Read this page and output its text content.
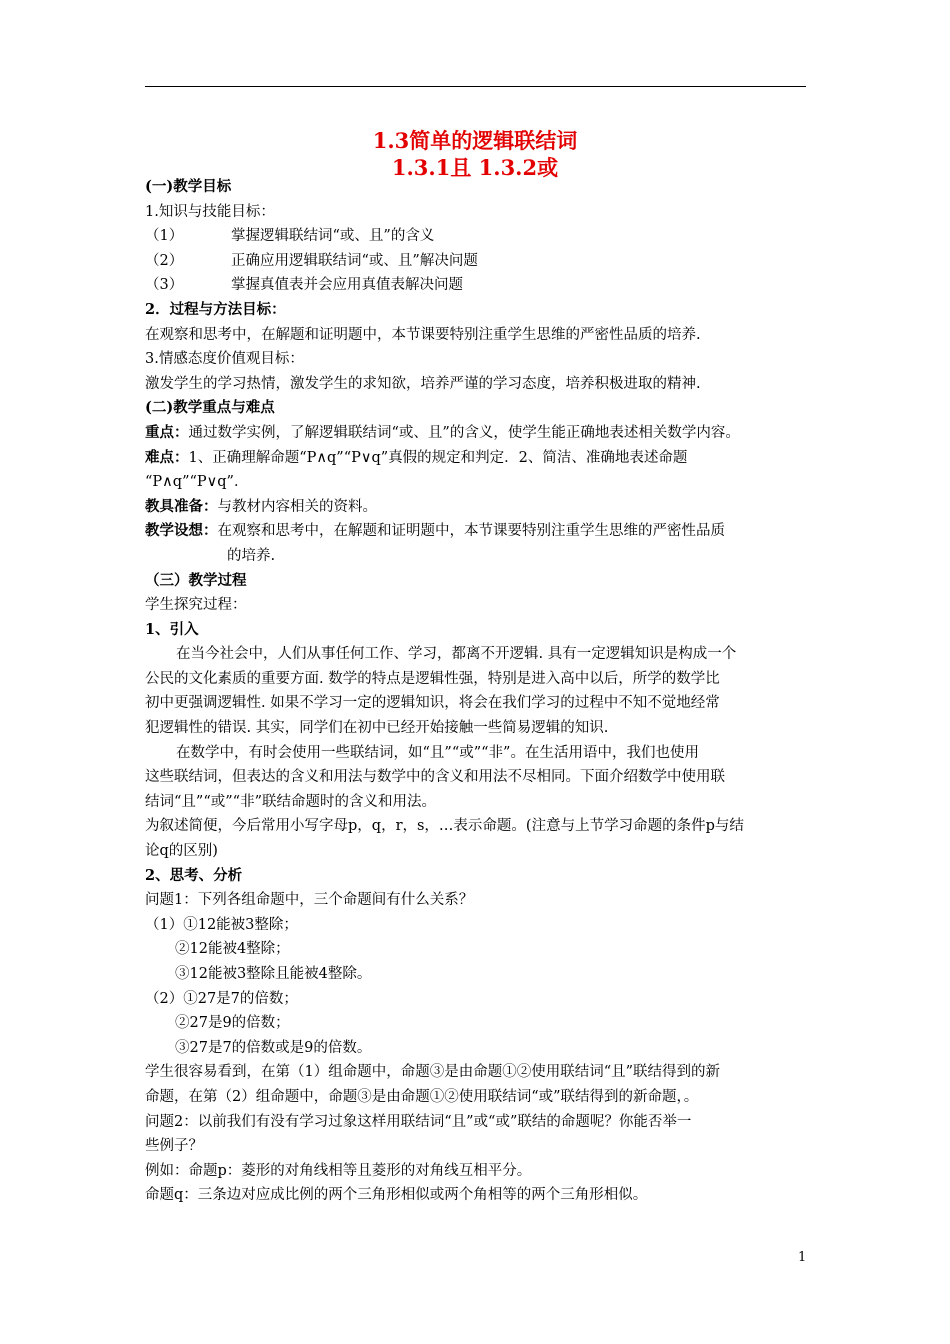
1.3简单的逻辑联结词
1.3.1且 1.3.2或
(一)教学目标
1.知识与技能目标：
（1）	掌握逻辑联结词“或、且”的含义
（2）	正确应用逻辑联结词“或、且”解决问题
（3）	掌握真值表并会应用真值表解决问题
2．过程与方法目标：
在观察和思考中，在解题和证明题中，本节课要特别注重学生思维的严密性品质的培养.
3.情感态度价值观目标：
激发学生的学习热情，激发学生的求知欲，培养严谨的学习态度，培养积极进取的精神.
(二)教学重点与难点
重点：通过数学实例，了解逻辑联结词“或、且”的含义，使学生能正确地表述相关数学内容。
难点：1、正确理解命题“P∧q”“P∨q”真假的规定和判定．2、简洁、准确地表述命题
“P∧q”“P∨q”．
教具准备：与教材内容相关的资料。
教学设想：在观察和思考中，在解题和证明题中，本节课要特别注重学生思维的严密性品质
的培养.
（三）教学过程
学生探究过程：
1、引入
在当今社会中，人们从事任何工作、学习，都离不开逻辑. 具有一定逻辑知识是构成一个
公民的文化素质的重要方面. 数学的特点是逻辑性强，特别是进入高中以后，所学的数学比
初中更强调逻辑性. 如果不学习一定的逻辑知识，将会在我们学习的过程中不知不觉地经常
犯逻辑性的错误. 其实，同学们在初中已经开始接触一些简易逻辑的知识.
在数学中，有时会使用一些联结词，如“且”“或”“非”。在生活用语中，我们也使用
这些联结词，但表达的含义和用法与数学中的含义和用法不尽相同。下面介绍数学中使用联
结词“且”“或”“非”联结命题时的含义和用法。
为叙述简便，今后常用小写字母p，q，r，s，…表示命题。(注意与上节学习命题的条件p与结
论q的区别)
2、思考、分析
问题1：下列各组命题中，三个命题间有什么关系？
（1）①12能被3整除；
②12能被4整除；
③12能被3整除且能被4整除。
（2）①27是7的倍数；
②27是9的倍数；
③27是7的倍数或是9的倍数。
学生很容易看到，在第（1）组命题中，命题③是由命题①②使用联结词“且”联结得到的新
命题，在第（2）组命题中，命题③是由命题①②使用联结词“或”联结得到的新命题，。
问题2：以前我们有没有学习过象这样用联结词“且”或“或”联结的命题呢？你能否举一
些例子？
例如：命题p：菱形的对角线相等且菱形的对角线互相平分。
命题q：三条边对应成比例的两个三角形相似或两个角相等的两个三角形相似。
1
